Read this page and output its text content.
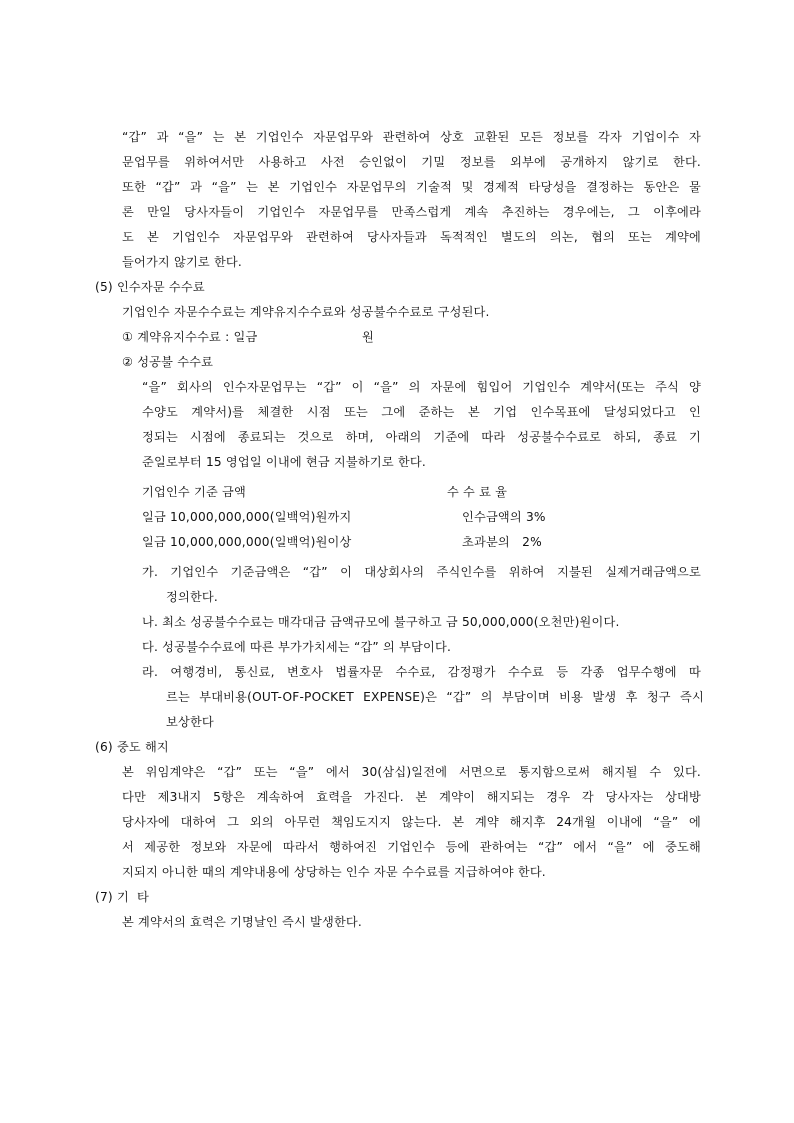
“갑” 과 “을” 는 본 기업인수 자문업무와 관련하여 상호 교환된 모든 정보를 각자 기업이수 자
문업무를 위하여서만 사용하고 사전 승인없이 기밀 정보를 외부에 공개하지 않기로 한다.
또한 “갑” 과 “을” 는 본 기업인수 자문업무의 기술적 및 경제적 타당성을 결정하는 동안은 물
론 만일 당사자들이 기업인수 자문업무를 만족스럽게 계속 추진하는 경우에는, 그 이후에라
도 본 기업인수 자문업무와 관련하여 당사자들과 독적적인 별도의 의논, 협의 또는 계약에
들어가지 않기로 한다.
(5) 인수자문 수수료
기업인수 자문수수료는 계약유지수수료와 성공불수수료로 구성된다.
① 계약유지수수료 : 일금	원
② 성공불 수수료
“을” 회사의 인수자문업무는 “갑” 이 “을” 의 자문에 힘입어 기업인수 계약서(또는 주식 양
수양도 계약서)를 체결한 시점 또는 그에 준하는 본 기업 인수목표에 달성되었다고 인
정되는 시점에 종료되는 것으로 하며, 아래의 기준에 따라 성공불수수료로 하되, 종료 기
준일로부터 15 영업일 이내에 현금 지불하기로 한다.
기업인수 기준 금액	수 수 료 율
일금 10,000,000,000(일백억)원까지	인수금액의 3%
일금 10,000,000,000(일백억)원이상	초과분의   2%
가. 기업인수 기준금액은 “갑” 이 대상회사의 주식인수를 위하여 지불된 실제거래금액으로
정의한다.
나. 최소 성공불수수료는 매각대금 금액규모에 불구하고 금 50,000,000(오천만)원이다.
다. 성공불수수료에 따른 부가가치세는 “갑” 의 부담이다.
라. 여행경비, 통신료, 변호사 법률자문 수수료, 감정평가 수수료 등 각종 업무수행에 따
르는 부대비용(OUT-OF-POCKET EXPENSE)은 “갑” 의 부담이며 비용 발생 후 청구 즉시
보상한다
(6) 중도 해지
본 위임계약은 “갑” 또는 “을” 에서 30(삼십)일전에 서면으로 통지함으로써 해지될 수 있다.
다만 제3내지 5항은 계속하여 효력을 가진다. 본 계약이 해지되는 경우 각 당사자는 상대방
당사자에 대하여 그 외의 아무런 책임도지지 않는다. 본 계약 해지후 24개월 이내에 “을” 에
서 제공한 정보와 자문에 따라서 행하여진 기업인수 등에 관하여는 “갑” 에서 “을” 에 중도해
지되지 아니한 때의 계약내용에 상당하는 인수 자문 수수료를 지급하여야 한다.
(7) 기  타
본 계약서의 효력은 기명날인 즉시 발생한다.
